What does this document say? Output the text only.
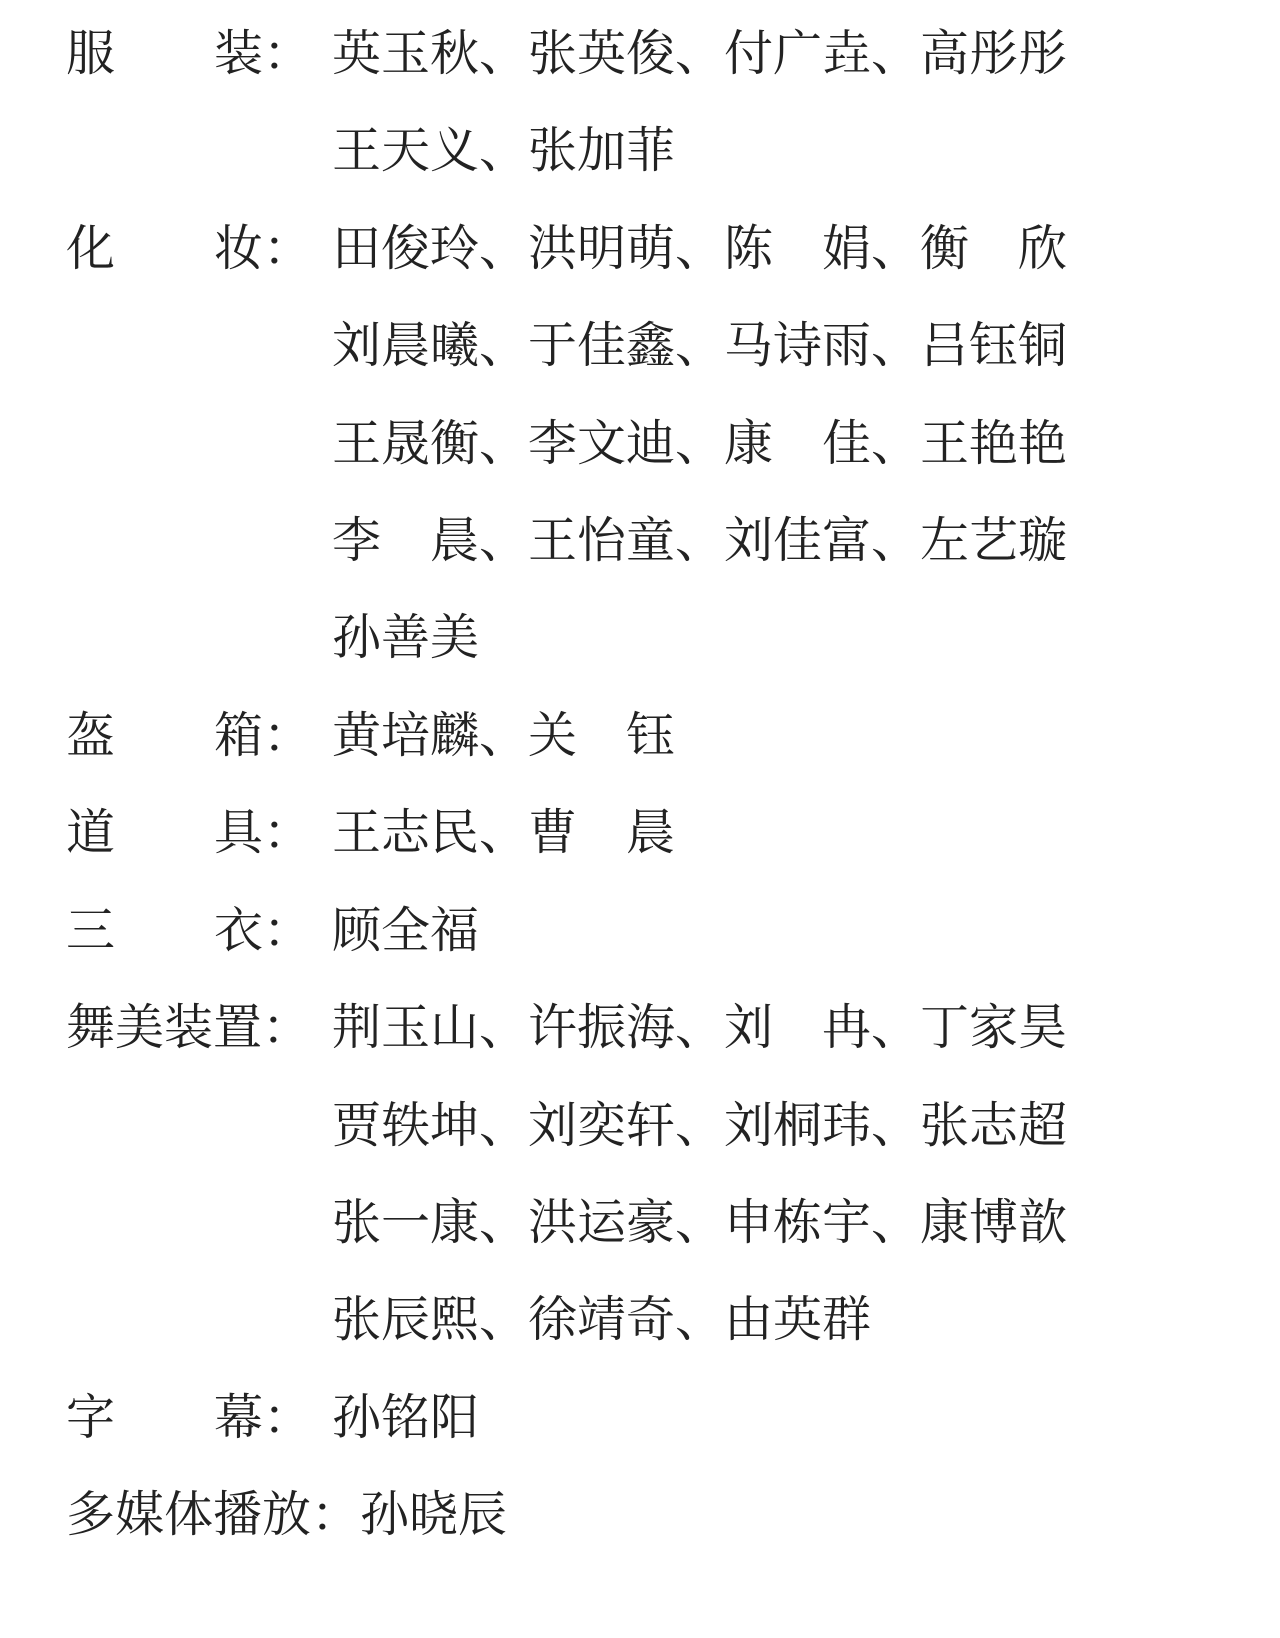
服 装： 英玉秋、张英俊、付广垚、高彤彤
王天义、张加菲
化 妆： 田俊玲、洪明萌、陈　娟、衡　欣
刘晨曦、于佳鑫、马诗雨、吕钰铜
王晟衡、李文迪、康　佳、王艳艳
李　晨、王怡童、刘佳富、左艺璇
孙善美
盔 箱： 黄培麟、关　钰
道 具： 王志民、曹　晨
三 衣： 顾全福
舞美装置： 荆玉山、许振海、刘　冉、丁家昊
贾轶坤、刘奕轩、刘桐玮、张志超
张一康、洪运豪、申栋宇、康博歆
张辰熙、徐靖奇、由英群
字 幕： 孙铭阳
多媒体播放：孙晓辰
